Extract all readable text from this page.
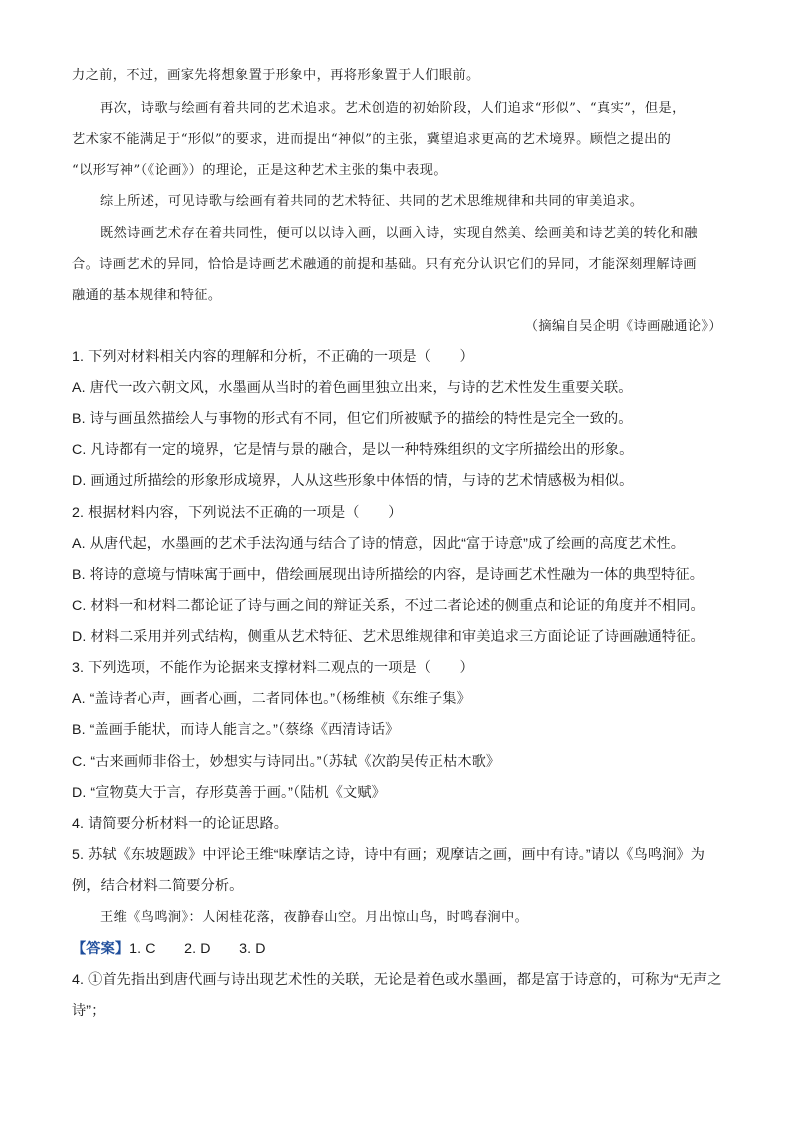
力之前，不过，画家先将想象置于形象中，再将形象置于人们眼前。
再次，诗歌与绘画有着共同的艺术追求。艺术创造的初始阶段，人们追求“形似”、“真实”，但是，
艺术家不能满足于“形似”的要求，进而提出“神似”的主张，冀望追求更高的艺术境界。顾恺之提出的
“以形写神”（《论画》）的理论，正是这种艺术主张的集中表现。
综上所述，可见诗歌与绘画有着共同的艺术特征、共同的艺术思维规律和共同的审美追求。
既然诗画艺术存在着共同性，便可以以诗入画，以画入诗，实现自然美、绘画美和诗艺美的转化和融
合。诗画艺术的异同，恰恰是诗画艺术融通的前提和基础。只有充分认识它们的异同，才能深刻理解诗画
融通的基本规律和特征。
（摘编自吴企明《诗画融通论》）
1. 下列对材料相关内容的理解和分析，不正确的一项是（　　）
A. 唐代一改六朝文风，水墨画从当时的着色画里独立出来，与诗的艺术性发生重要关联。
B. 诗与画虽然描绘人与事物的形式有不同，但它们所被赋予的描绘的特性是完全一致的。
C. 凡诗都有一定的境界，它是情与景的融合，是以一种特殊组织的文字所描绘出的形象。
D. 画通过所描绘的形象形成境界，人从这些形象中体悟的情，与诗的艺术情感极为相似。
2. 根据材料内容，下列说法不正确的一项是（　　）
A. 从唐代起，水墨画的艺术手法沟通与结合了诗的情意，因此“富于诗意”成了绘画的高度艺术性。
B. 将诗的意境与情味寓于画中，借绘画展现出诗所描绘的内容，是诗画艺术性融为一体的典型特征。
C. 材料一和材料二都论证了诗与画之间的辩证关系，不过二者论述的侧重点和论证的角度并不相同。
D. 材料二采用并列式结构，侧重从艺术特征、艺术思维规律和审美追求三方面论证了诗画融通特征。
3. 下列选项，不能作为论据来支撑材料二观点的一项是（　　）
A. “盖诗者心声，画者心画，二者同体也。”（杨维桢《东维子集》
B. “盖画手能状，而诗人能言之。”（蔡绦《西清诗话》
C. “古来画师非俗士，妙想实与诗同出。”（苏轼《次韵吴传正枯木歌》
D. “宣物莫大于言，存形莫善于画。”（陆机《文赋》
4. 请简要分析材料一的论证思路。
5. 苏轼《东坡题跋》中评论王维“味摩诘之诗，诗中有画；观摩诘之画，画中有诗。”请以《鸟鸣涧》为
例，结合材料二简要分析。
王维《鸟鸣涧》：人闲桂花落，夜静春山空。月出惊山鸟，时鸣春涧中。
【答案】1. C　　2. D　　3. D
4. ①首先指出到唐代画与诗出现艺术性的关联，无论是着色或水墨画，都是富于诗意的，可称为“无声之
诗”；
